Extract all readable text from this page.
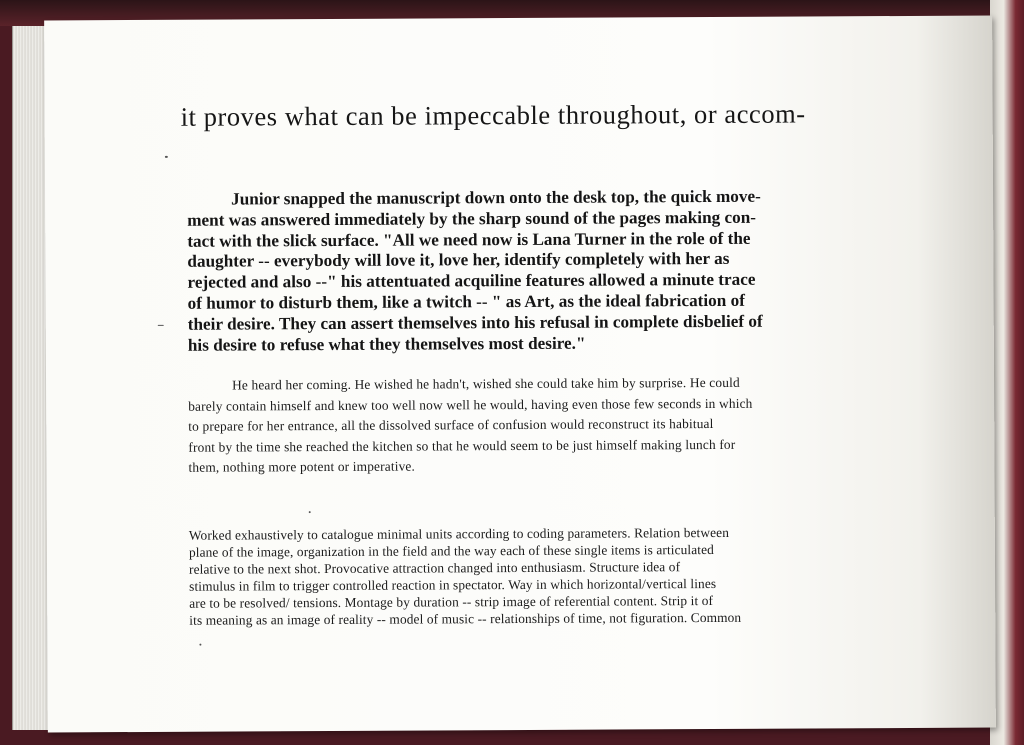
it proves what can be impeccable throughout, or accom-
Junior snapped the manuscript down onto the desk top, the quick move-
ment was answered immediately by the sharp sound of the pages making con-
tact with the slick surface. "All we need now is Lana Turner in the role of the
daughter -- everybody will love it, love her, identify completely with her as
rejected and also --" his attentuated acquiline features allowed a minute trace
of humor to disturb them, like a twitch -- " as Art, as the ideal fabrication of
their desire. They can assert themselves into his refusal in complete disbelief of
his desire to refuse what they themselves most desire."
He heard her coming. He wished he hadn't, wished she could take him by surprise. He could
barely contain himself and knew too well now well he would, having even those few seconds in which
to prepare for her entrance, all the dissolved surface of confusion would reconstruct its habitual
front by the time she reached the kitchen so that he would seem to be just himself making lunch for
them, nothing more potent or imperative.
Worked exhaustively to catalogue minimal units according to coding parameters. Relation between
plane of the image, organization in the field and the way each of these single items is articulated
relative to the next shot. Provocative attraction changed into enthusiasm. Structure idea of
stimulus in film to trigger controlled reaction in spectator. Way in which horizontal/vertical lines
are to be resolved/ tensions. Montage by duration -- strip image of referential content. Strip it of
its meaning as an image of reality -- model of music -- relationships of time, not figuration. Common
